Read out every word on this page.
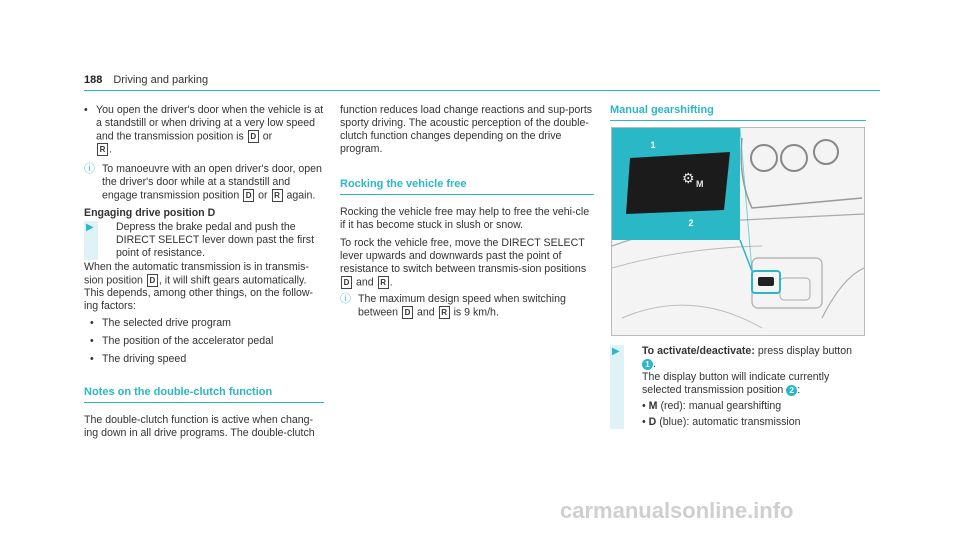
188 Driving and parking

• You open the driver's door when the vehicle is at a standstill or when driving at a very low speed and the transmission position is D or
R .

ⓘ To manoeuvre with an open driver's door, open the driver's door while at a standstill and engage transmission position D or R again.

Engaging drive position D

▶ Depress the brake pedal and push the DIRECT SELECT lever down past the first point of resistance.

When the automatic transmission is in transmis-sion position D , it will shift gears automatically. This depends, among other things, on the follow-ing factors:

• The selected drive program

• The position of the accelerator pedal

• The driving speed

Notes on the double-clutch function

The double-clutch function is active when chang-ing down in all drive programs. The double-clutch

function reduces load change reactions and sup-ports sporty driving. The acoustic perception of the double-clutch function changes depending on the drive program.

Rocking the vehicle free

Rocking the vehicle free may help to free the vehi-cle if it has become stuck in slush or snow.

To rock the vehicle free, move the DIRECT SELECT lever upwards and downwards past the point of resistance to switch between transmis-sion positions D and R .

ⓘ The maximum design speed when switching between D and R is 9 km/h.

Manual gearshifting

1
2
⚙ M

▶ To activate/deactivate: press display button
1 .

The display button will indicate currently selected transmission position 2 :

• M (red): manual gearshifting

• D (blue): automatic transmission

carmanualsonline.info
